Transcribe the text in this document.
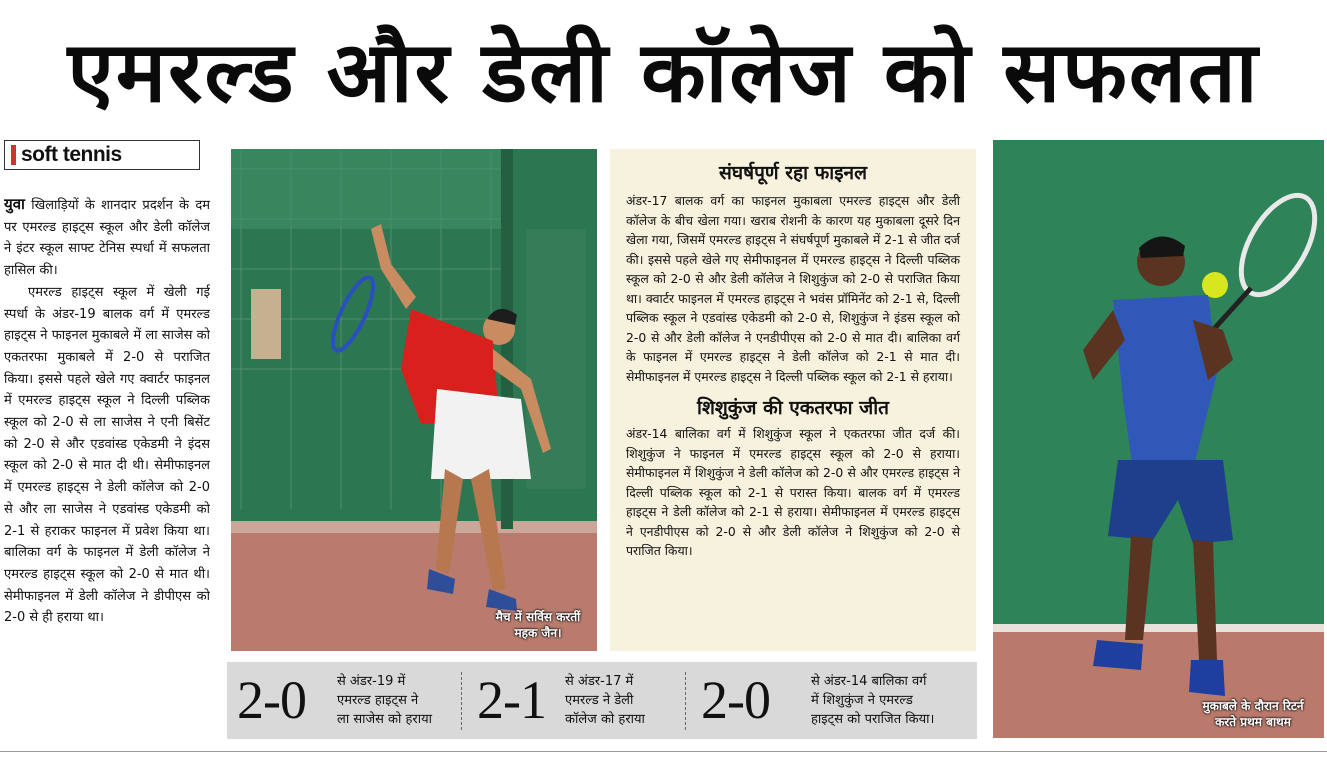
एमरल्ड और डेली कॉलेज को सफलता
soft tennis

युवा खिलाड़ियों के शानदार प्रदर्शन के दम पर एमरल्ड हाइट्स स्कूल और डेली कॉलेज ने इंटर स्कूल साफ्ट टेनिस स्पर्धा में सफलता हासिल की।

एमरल्ड हाइट्स स्कूल में खेली गई स्पर्धा के अंडर-19 बालक वर्ग में एमरल्ड हाइट्स ने फाइनल मुकाबले में ला साजेस को एकतरफा मुकाबले में 2-0 से पराजित किया। इससे पहले खेले गए क्वार्टर फाइनल में एमरल्ड हाइट्स स्कूल ने दिल्ली पब्लिक स्कूल को 2-0 से ला साजेस ने एनी बिसेंट को 2-0 से और एडवांस्ड एकेडमी ने इंदस स्कूल को 2-0 से मात दी थी। सेमीफाइनल में एमरल्ड हाइट्स ने डेली कॉलेज को 2-0 से और ला साजेस ने एडवांस्ड एकेडमी को 2-1 से हराकर फाइनल में प्रवेश किया था। बालिका वर्ग के फाइनल में डेली कॉलेज ने एमरल्ड हाइट्स स्कूल को 2-0 से मात थी। सेमीफाइनल में डेली कॉलेज ने डीपीएस को 2-0 से ही हराया था।	मैच में सर्विस करतीं
महक जैन।
संघर्षपूर्ण रहा फाइनल
अंडर-17 बालक वर्ग का फाइनल मुकाबला एमरल्ड हाइट्स और डेली कॉलेज के बीच खेला गया। खराब रोशनी के कारण यह मुकाबला दूसरे दिन खेला गया, जिसमें एमरल्ड हाइट्स ने संघर्षपूर्ण मुकाबले में 2-1 से जीत दर्ज की। इससे पहले खेले गए सेमीफाइनल में एमरल्ड हाइट्स ने दिल्ली पब्लिक स्कूल को 2-0 से और डेली कॉलेज ने शिशुकुंज को 2-0 से पराजित किया था। क्वार्टर फाइनल में एमरल्ड हाइट्स ने भवंस प्रॉमिनेंट को 2-1 से, दिल्ली पब्लिक स्कूल ने एडवांस्ड एकेडमी को 2-0 से, शिशुकुंज ने इंडस स्कूल को 2-0 से और डेली कॉलेज ने एनडीपीएस को 2-0 से मात दी। बालिका वर्ग के फाइनल में एमरल्ड हाइट्स ने डेली कॉलेज को 2-1 से मात दी। सेमीफाइनल में एमरल्ड हाइट्स ने दिल्ली पब्लिक स्कूल को 2-1 से हराया।
शिशुकुंज की एकतरफा जीत
अंडर-14 बालिका वर्ग में शिशुकुंज स्कूल ने एकतरफा जीत दर्ज की। शिशुकुंज ने फाइनल में एमरल्ड हाइट्स स्कूल को 2-0 से हराया। सेमीफाइनल में शिशुकुंज ने डेली कॉलेज को 2-0 से और एमरल्ड हाइट्स ने दिल्ली पब्लिक स्कूल को 2-1 से परास्त किया। बालक वर्ग में एमरल्ड हाइट्स ने डेली कॉलेज को 2-1 से हराया। सेमीफाइनल में एमरल्ड हाइट्स ने एनडीपीएस को 2-0 से और डेली कॉलेज ने शिशुकुंज को 2-0 से पराजित किया।
मुकाबले के दौरान रिटर्न
करते प्रथम बाथम
2-0 से अंडर-19 में
एमरल्ड हाइट्स ने
ला साजेस को हराया 2-1 से अंडर-17 में
एमरल्ड ने डेली
कॉलेज को हराया 2-0	से अंडर-14 बालिका वर्ग
में शिशुकुंज ने एमरल्ड
हाइट्स को पराजित किया।
